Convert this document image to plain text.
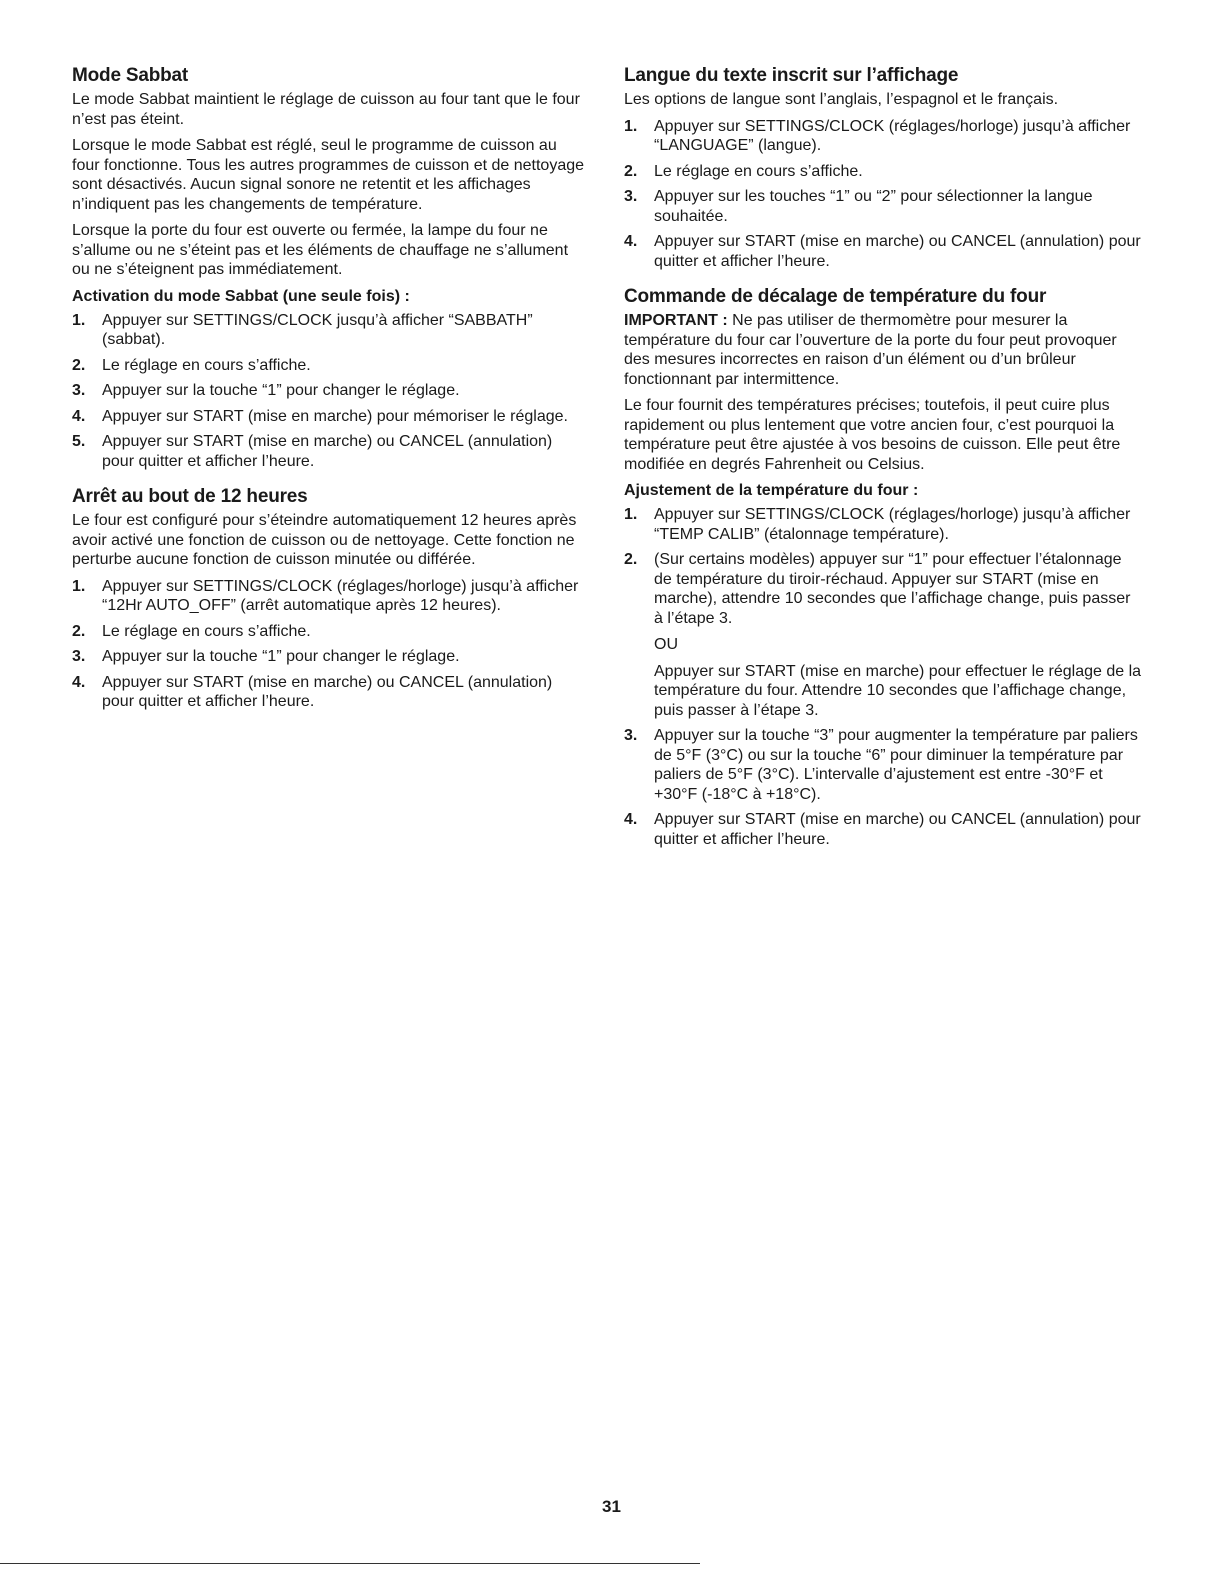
Mode Sabbat

Le mode Sabbat maintient le réglage de cuisson au four tant que le four n’est pas éteint.

Lorsque le mode Sabbat est réglé, seul le programme de cuisson au four fonctionne. Tous les autres programmes de cuisson et de nettoyage sont désactivés. Aucun signal sonore ne retentit et les affichages n’indiquent pas les changements de température.

Lorsque la porte du four est ouverte ou fermée, la lampe du four ne s’allume ou ne s’éteint pas et les éléments de chauffage ne s’allument ou ne s’éteignent pas immédiatement.

Activation du mode Sabbat (une seule fois) :
1. Appuyer sur SETTINGS/CLOCK jusqu’à afficher “SABBATH” (sabbat).
2. Le réglage en cours s’affiche.
3. Appuyer sur la touche “1” pour changer le réglage.
4. Appuyer sur START (mise en marche) pour mémoriser le réglage.
5. Appuyer sur START (mise en marche) ou CANCEL (annulation) pour quitter et afficher l’heure.
Arrêt au bout de 12 heures

Le four est configuré pour s’éteindre automatiquement 12 heures après avoir activé une fonction de cuisson ou de nettoyage. Cette fonction ne perturbe aucune fonction de cuisson minutée ou différée.

1. Appuyer sur SETTINGS/CLOCK (réglages/horloge) jusqu’à afficher “12Hr AUTO_OFF” (arrêt automatique après 12 heures).
2. Le réglage en cours s’affiche.
3. Appuyer sur la touche “1” pour changer le réglage.
4. Appuyer sur START (mise en marche) ou CANCEL (annulation) pour quitter et afficher l’heure.
Langue du texte inscrit sur l’affichage

Les options de langue sont l’anglais, l’espagnol et le français.

1. Appuyer sur SETTINGS/CLOCK (réglages/horloge) jusqu’à afficher “LANGUAGE” (langue).
2. Le réglage en cours s’affiche.
3. Appuyer sur les touches “1” ou “2” pour sélectionner la langue souhaitée.
4. Appuyer sur START (mise en marche) ou CANCEL (annulation) pour quitter et afficher l’heure.
Commande de décalage de température du four

IMPORTANT : Ne pas utiliser de thermomètre pour mesurer la température du four car l’ouverture de la porte du four peut provoquer des mesures incorrectes en raison d’un élément ou d’un brûleur fonctionnant par intermittence.

Le four fournit des températures précises; toutefois, il peut cuire plus rapidement ou plus lentement que votre ancien four, c’est pourquoi la température peut être ajustée à vos besoins de cuisson. Elle peut être modifiée en degrés Fahrenheit ou Celsius.

Ajustement de la température du four :
1. Appuyer sur SETTINGS/CLOCK (réglages/horloge) jusqu’à afficher “TEMP CALIB” (étalonnage température).
2. (Sur certains modèles) appuyer sur “1” pour effectuer l’étalonnage de température du tiroir-réchaud. Appuyer sur START (mise en marche), attendre 10 secondes que l’affichage change, puis passer à l’étape 3.
OU
Appuyer sur START (mise en marche) pour effectuer le réglage de la température du four. Attendre 10 secondes que l’affichage change, puis passer à l’étape 3.
3. Appuyer sur la touche “3” pour augmenter la température par paliers de 5°F (3°C) ou sur la touche “6” pour diminuer la température par paliers de 5°F (3°C). L’intervalle d’ajustement est entre -30°F et +30°F (-18°C à +18°C).
4. Appuyer sur START (mise en marche) ou CANCEL (annulation) pour quitter et afficher l’heure.
31
